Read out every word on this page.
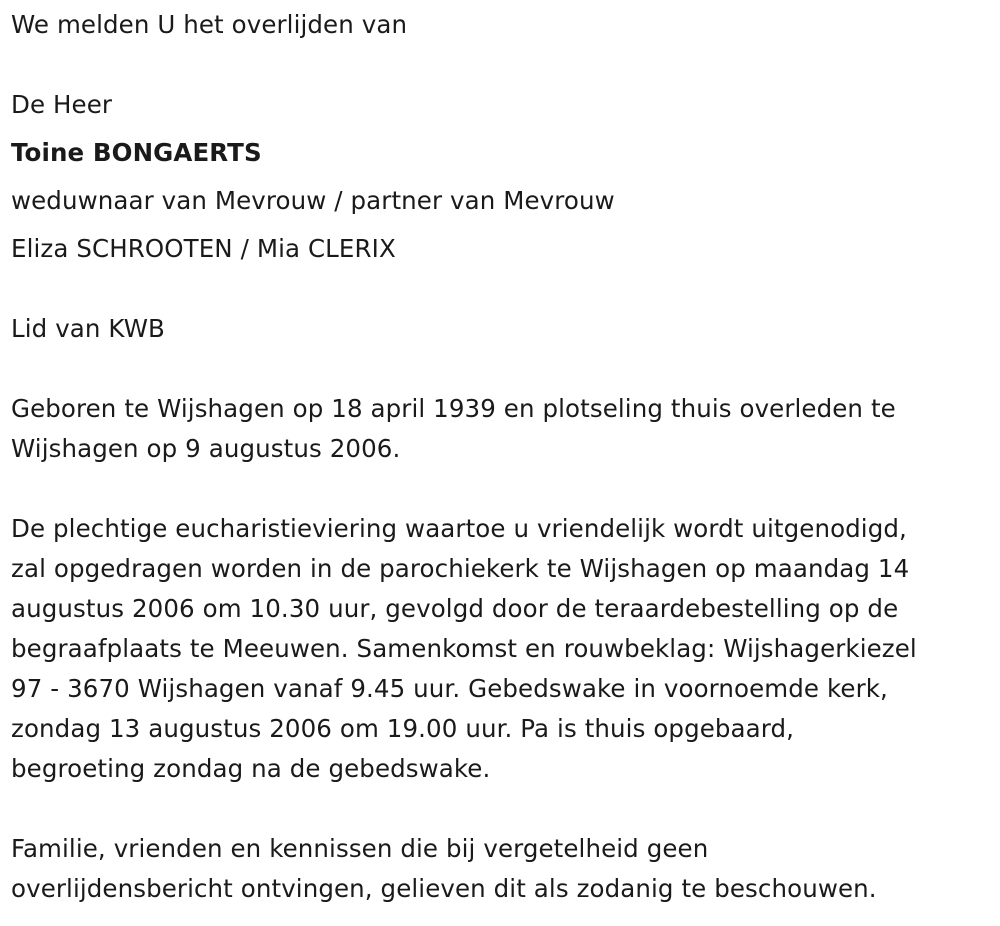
We melden U het overlijden van
De Heer
Toine BONGAERTS
weduwnaar van Mevrouw / partner van Mevrouw
Eliza SCHROOTEN / Mia CLERIX
Lid van KWB
Geboren te Wijshagen op 18 april 1939 en plotseling thuis overleden te
Wijshagen op 9 augustus 2006.
De plechtige eucharistieviering waartoe u vriendelijk wordt uitgenodigd,
zal opgedragen worden in de parochiekerk te Wijshagen op maandag 14
augustus 2006 om 10.30 uur, gevolgd door de teraardebestelling op de
begraafplaats te Meeuwen. Samenkomst en rouwbeklag: Wijshagerkiezel
97 - 3670 Wijshagen vanaf 9.45 uur. Gebedswake in voornoemde kerk,
zondag 13 augustus 2006 om 19.00 uur. Pa is thuis opgebaard,
begroeting zondag na de gebedswake.
Familie, vrienden en kennissen die bij vergetelheid geen
overlijdensbericht ontvingen, gelieven dit als zodanig te beschouwen.
